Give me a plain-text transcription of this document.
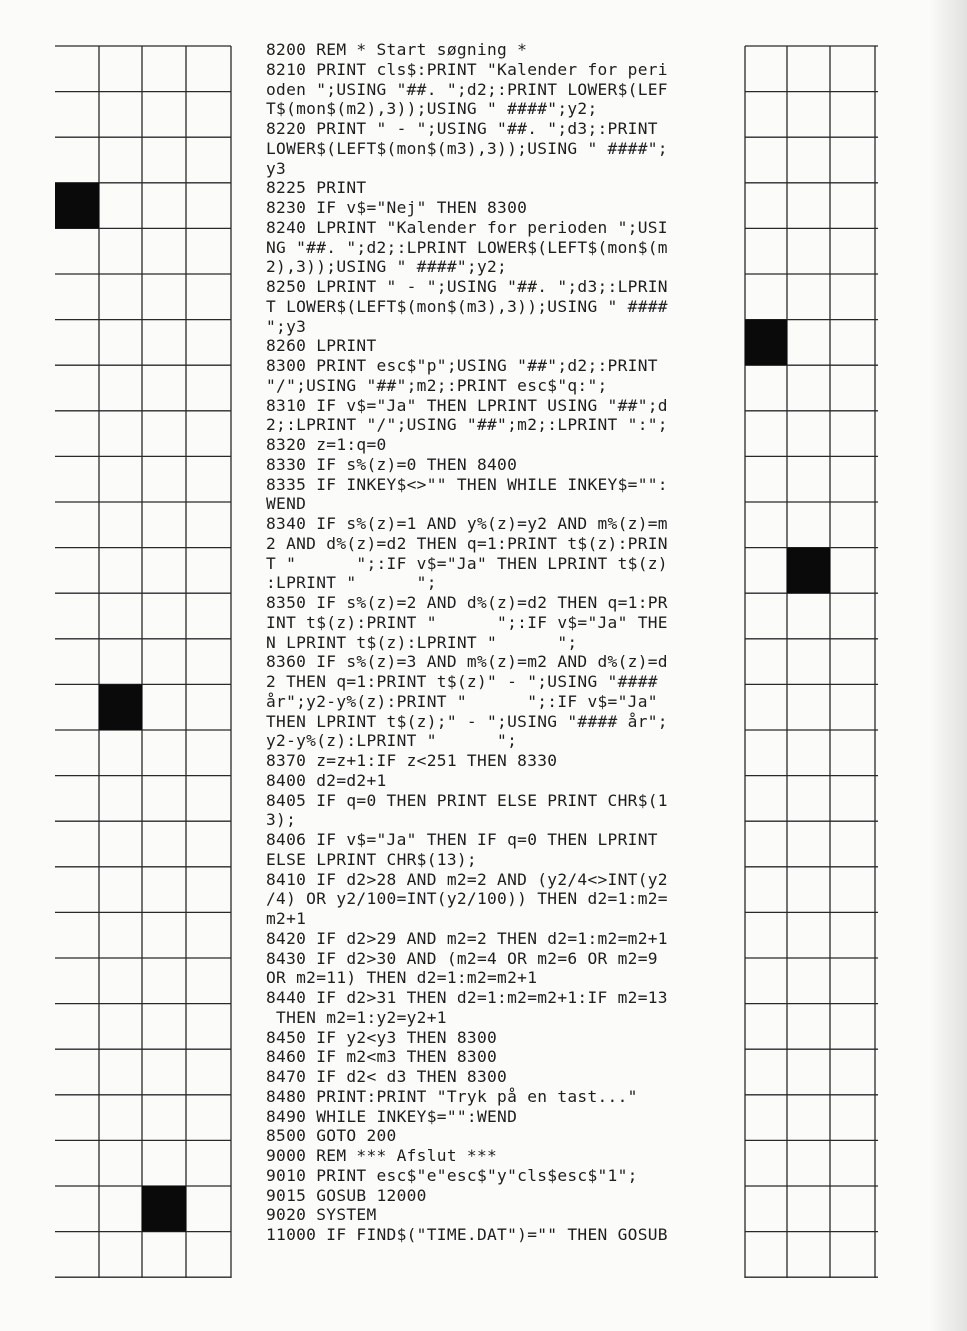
8200 REM * Start søgning *
8210 PRINT cls$:PRINT "Kalender for peri
oden ";USING "##. ";d2;:PRINT LOWER$(LEF
T$(mon$(m2),3));USING " ####";y2;
8220 PRINT " - ";USING "##. ";d3;:PRINT
LOWER$(LEFT$(mon$(m3),3));USING " ####";
y3
8225 PRINT
8230 IF v$="Nej" THEN 8300
8240 LPRINT "Kalender for perioden ";USI
NG "##. ";d2;:LPRINT LOWER$(LEFT$(mon$(m
2),3));USING " ####";y2;
8250 LPRINT " - ";USING "##. ";d3;:LPRIN
T LOWER$(LEFT$(mon$(m3),3));USING " ####
";y3
8260 LPRINT
8300 PRINT esc$"p";USING "##";d2;:PRINT
"/";USING "##";m2;:PRINT esc$"q:";
8310 IF v$="Ja" THEN LPRINT USING "##";d
2;:LPRINT "/";USING "##";m2;:LPRINT ":";
8320 z=1:q=0
8330 IF s%(z)=0 THEN 8400
8335 IF INKEY$<>"" THEN WHILE INKEY$="":
WEND
8340 IF s%(z)=1 AND y%(z)=y2 AND m%(z)=m
2 AND d%(z)=d2 THEN q=1:PRINT t$(z):PRIN
T "      ";:IF v$="Ja" THEN LPRINT t$(z)
:LPRINT "      ";
8350 IF s%(z)=2 AND d%(z)=d2 THEN q=1:PR
INT t$(z):PRINT "      ";:IF v$="Ja" THE
N LPRINT t$(z):LPRINT "      ";
8360 IF s%(z)=3 AND m%(z)=m2 AND d%(z)=d
2 THEN q=1:PRINT t$(z)" - ";USING "####
år";y2-y%(z):PRINT "      ";:IF v$="Ja"
THEN LPRINT t$(z);" - ";USING "#### år";
y2-y%(z):LPRINT "      ";
8370 z=z+1:IF z<251 THEN 8330
8400 d2=d2+1
8405 IF q=0 THEN PRINT ELSE PRINT CHR$(1
3);
8406 IF v$="Ja" THEN IF q=0 THEN LPRINT
ELSE LPRINT CHR$(13);
8410 IF d2>28 AND m2=2 AND (y2/4<>INT(y2
/4) OR y2/100=INT(y2/100)) THEN d2=1:m2=
m2+1
8420 IF d2>29 AND m2=2 THEN d2=1:m2=m2+1
8430 IF d2>30 AND (m2=4 OR m2=6 OR m2=9
OR m2=11) THEN d2=1:m2=m2+1
8440 IF d2>31 THEN d2=1:m2=m2+1:IF m2=13
THEN m2=1:y2=y2+1
8450 IF y2<y3 THEN 8300
8460 IF m2<m3 THEN 8300
8470 IF d2< d3 THEN 8300
8480 PRINT:PRINT "Tryk på en tast..."
8490 WHILE INKEY$="":WEND
8500 GOTO 200
9000 REM *** Afslut ***
9010 PRINT esc$"e"esc$"y"cls$esc$"1";
9015 GOSUB 12000
9020 SYSTEM
11000 IF FIND$("TIME.DAT")="" THEN GOSUB
